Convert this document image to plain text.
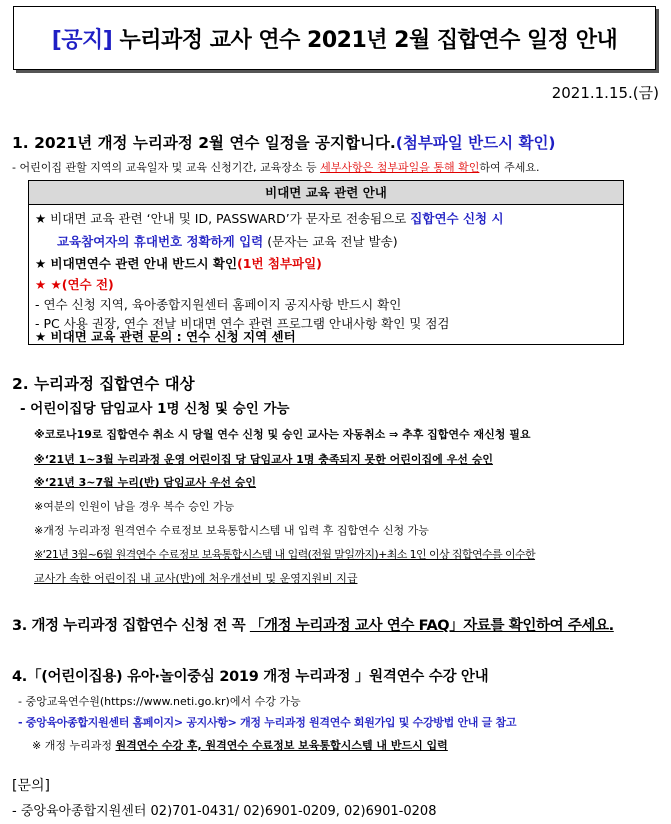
[공지] 누리과정 교사 연수 2021년 2월 집합연수 일정 안내
2021.1.15.(금)
1. 2021년 개정 누리과정 2월 연수 일정을 공지합니다.(첨부파일 반드시 확인)
- 어린이집 관할 지역의 교육일자 및 교육 신청기간, 교육장소 등 세부사항은 첨부파일을 통해 확인하여 주세요.
비대면 교육 관련 안내
★ 비대면 교육 관련 ‘안내 및 ID, PASSWARD’가 문자로 전송됨으로 집합연수 신청 시
교육참여자의 휴대번호 정확하게 입력 (문자는 교육 전날 발송)
★ 비대면연수 관련 안내 반드시 확인(1번 첨부파일)
★ ★(연수 전)
- 연수 신청 지역, 육아종합지원센터 홈페이지 공지사항 반드시 확인
- PC 사용 권장, 연수 전날 비대면 연수 관련 프로그램 안내사항 확인 및 점검
★ 비대면 교육 관련 문의 : 연수 신청 지역 센터
2. 누리과정 집합연수 대상
- 어린이집당 담임교사 1명 신청 및 승인 가능
※코로나19로 집합연수 취소 시 당월 연수 신청 및 승인 교사는 자동취소 ⇒ 추후 집합연수 재신청 필요
※‘21년 1~3월 누리과정 운영 어린이집 당 담임교사 1명 충족되지 못한 어린이집에 우선 승인
※‘21년 3~7월 누리(반) 담임교사 우선 승인
※여분의 인원이 남을 경우 복수 승인 가능
※개정 누리과정 원격연수 수료정보 보육통합시스템 내 입력 후 집합연수 신청 가능
※‘21년 3월~6월 원격연수 수료정보 보육통합시스템 내 입력(전월 말일까지)+최소 1인 이상 집합연수를 이수한
교사가 속한 어린이집 내 교사(반)에 처우개선비 및 운영지원비 지급
3. 개정 누리과정 집합연수 신청 전 꼭 「개정 누리과정 교사 연수 FAQ」자료를 확인하여 주세요.
4.「(어린이집용) 유아·놀이중심 2019 개정 누리과정 」원격연수 수강 안내
- 중앙교육연수원(https://www.neti.go.kr)에서 수강 가능
- 중앙육아종합지원센터 홈페이지> 공지사항> 개정 누리과정 원격연수 회원가입 및 수강방법 안내 글 참고
※ 개정 누리과정 원격연수 수강 후, 원격연수 수료정보 보육통합시스템 내 반드시 입력
[문의]
- 중앙육아종합지원센터 02)701-0431/ 02)6901-0209, 02)6901-0208
